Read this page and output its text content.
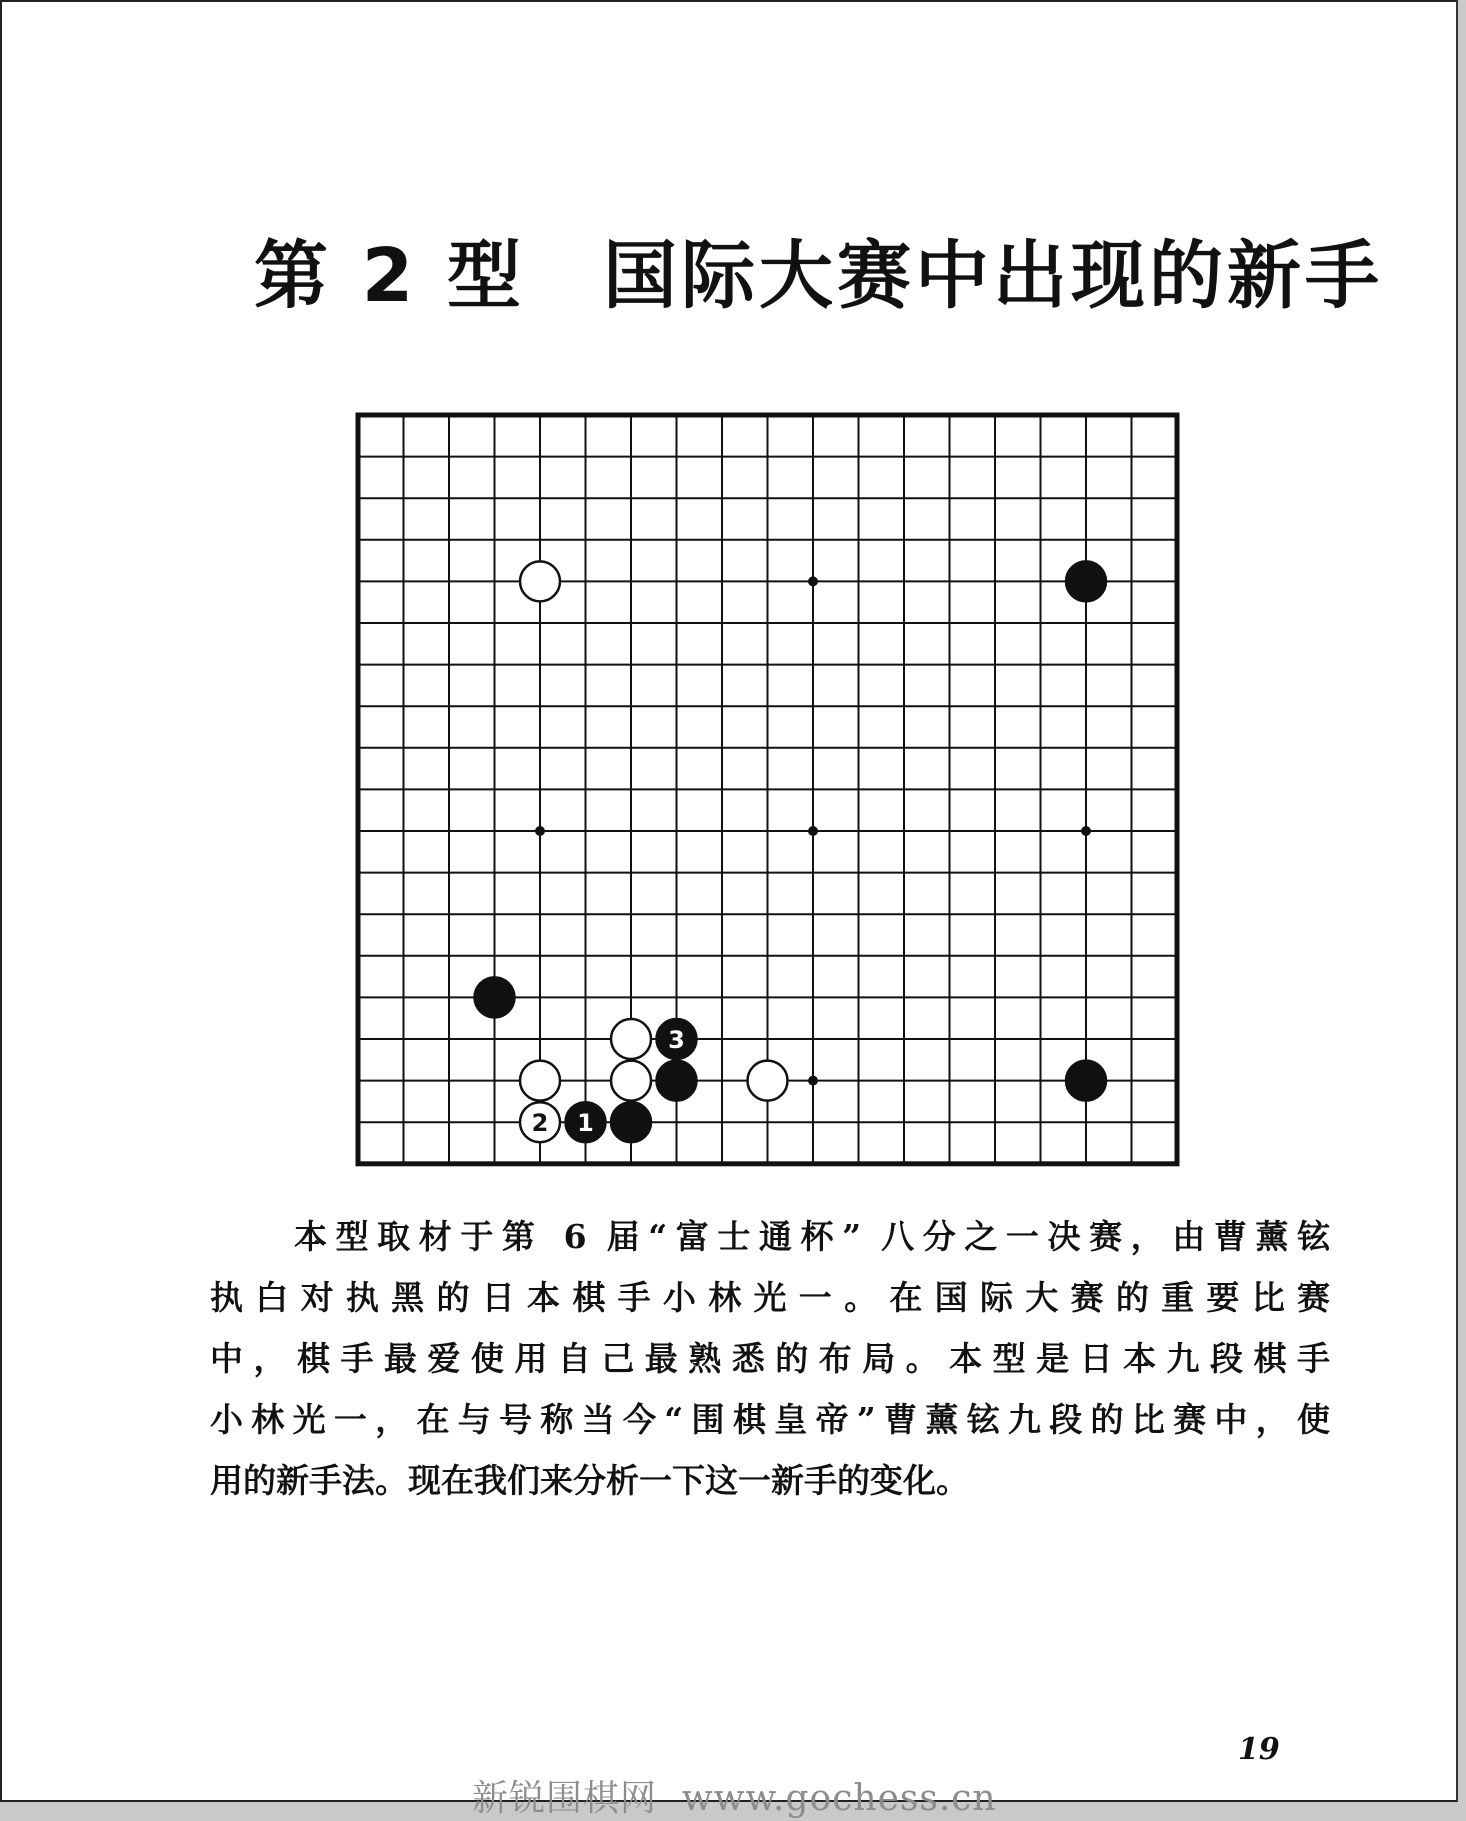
第 2 型　国际大赛中出现的新手
3
2 1
本型取材于第 6 届“富士通杯” 八分之一决赛，由曹薰铉
执白对执黑的日本棋手小林光一。在国际大赛的重要比赛
中，棋手最爱使用自己最熟悉的布局。本型是日本九段棋手
小林光一，在与号称当今“围棋皇帝”曹薰铉九段的比赛中，使
用的新手法。现在我们来分析一下这一新手的变化。
19
新锐围棋网  www.gochess.cn
